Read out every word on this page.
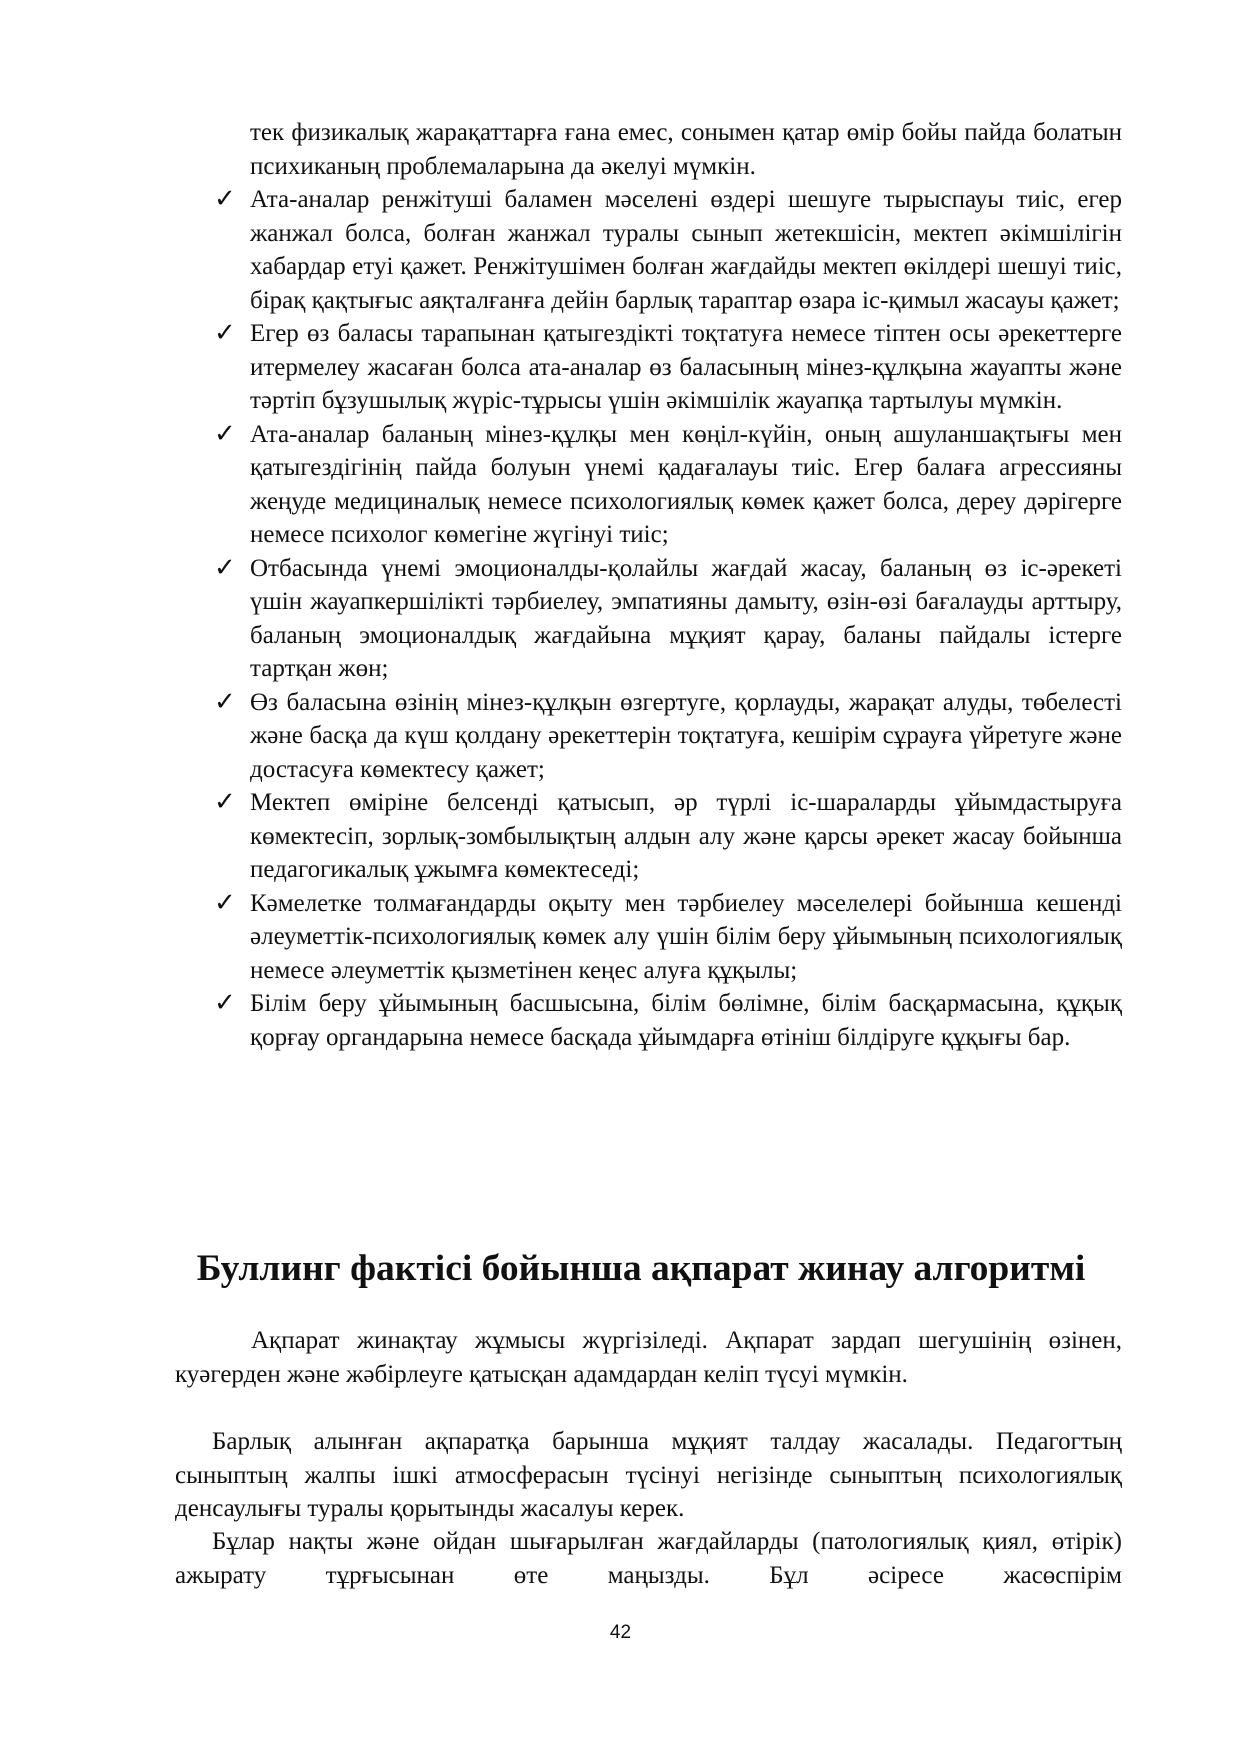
тек физикалық жарақаттарға ғана емес, сонымен қатар өмір бойы пайда болатын психиканың проблемаларына да әкелуі мүмкін.

✓ Ата-аналар ренжітуші баламен мәселені өздері шешуге тырыспауы тиіс, егер жанжал болса, болған жанжал туралы сынып жетекшісін, мектеп әкімшілігін хабардар етуі қажет. Ренжітушімен болған жағдайды мектеп өкілдері шешуі тиіс, бірақ қақтығыс аяқталғанға дейін барлық тараптар өзара іс-қимыл жасауы қажет;
✓ Егер өз баласы тарапынан қатыгездікті тоқтатуға немесе тіптен осы әрекеттерге итермелеу жасаған болса ата-аналар өз баласының мінез-құлқына жауапты және тәртіп бұзушылық жүріс-тұрысы үшін әкімшілік жауапқа тартылуы мүмкін.
✓ Ата-аналар баланың мінез-құлқы мен көңіл-күйін, оның ашуланшақтығы мен қатыгездігінің пайда болуын үнемі қадағалауы тиіс. Егер балаға агрессияны жеңуде медициналық немесе психологиялық көмек қажет болса, дереу дәрігерге немесе психолог көмегіне жүгінуі тиіс;
✓ Отбасында үнемі эмоционалды-қолайлы жағдай жасау, баланың өз іс-әрекеті үшін жауапкершілікті тәрбиелеу, эмпатияны дамыту, өзін-өзі бағалауды арттыру, баланың эмоционалдық жағдайына мұқият қарау, баланы пайдалы істерге тартқан жөн;
✓ Өз баласына өзінің мінез-құлқын өзгертуге, қорлауды, жарақат алуды, төбелесті және басқа да күш қолдану әрекеттерін тоқтатуға, кешірім сұрауға үйретуге және достасуға көмектесу қажет;
✓ Мектеп өміріне белсенді қатысып, әр түрлі іс-шараларды ұйымдастыруға көмектесіп, зорлық-зомбылықтың алдын алу және қарсы әрекет жасау бойынша педагогикалық ұжымға көмектеседі;
✓ Кәмелетке толмағандарды оқыту мен тәрбиелеу мәселелері бойынша кешенді әлеуметтік-психологиялық көмек алу үшін білім беру ұйымының психологиялық немесе әлеуметтік қызметінен кеңес алуға құқылы;
✓ Білім беру ұйымының басшысына, білім бөлімне, білім басқармасына, құқық қорғау органдарына немесе басқада ұйымдарға өтініш білдіруге құқығы бар.
Буллинг фактісі бойынша ақпарат жинау алгоритмі

Ақпарат жинақтау жұмысы жүргізіледі. Ақпарат зардап шегушінің өзінен, куәгерден және жәбірлеуге қатысқан адамдардан келіп түсуі мүмкін.

Барлық алынған ақпаратқа барынша мұқият талдау жасалады. Педагогтың сыныптың жалпы ішкі атмосферасын түсінуі негізінде сыныптың психологиялық денсаулығы туралы қорытынды жасалуы керек.

Бұлар нақты және ойдан шығарылған жағдайларды (патологиялық қиял, өтірік) ажырату тұрғысынан өте маңызды. Бұл әсіресе жасөспірім

42
